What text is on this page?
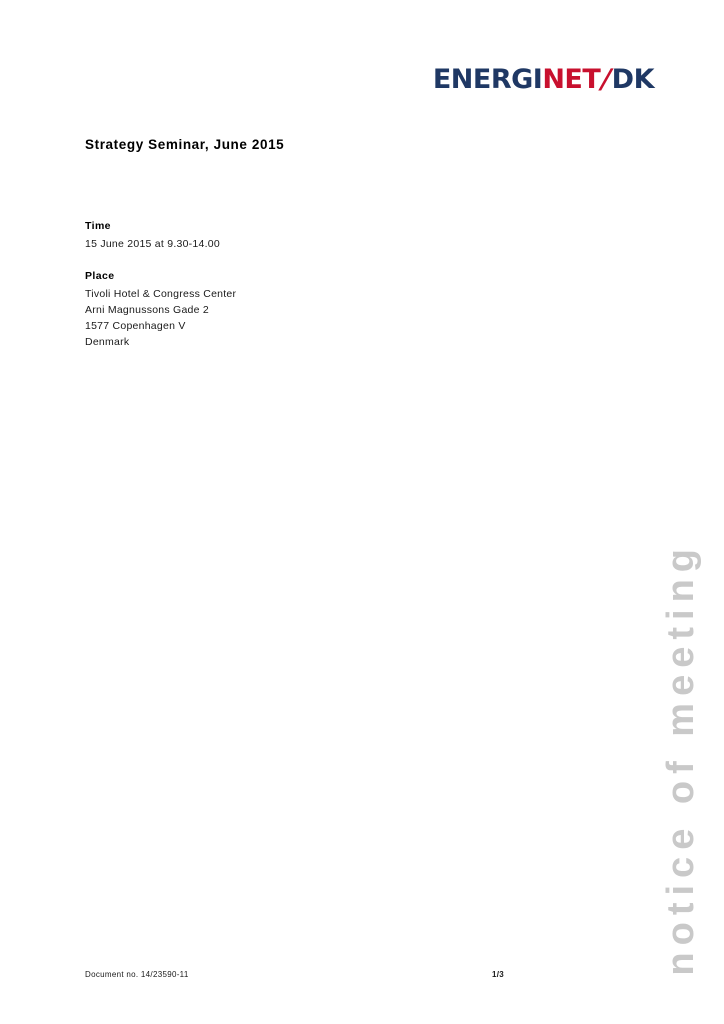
ENERGI NET
/
DK
Strategy Seminar, June 2015
Time
15 June 2015 at 9.30-14.00
Place
Tivoli Hotel & Congress Center
Arni Magnussons Gade 2
1577 Copenhagen V
Denmark
notice of meeting
Document no. 14/23590-11	1/3
